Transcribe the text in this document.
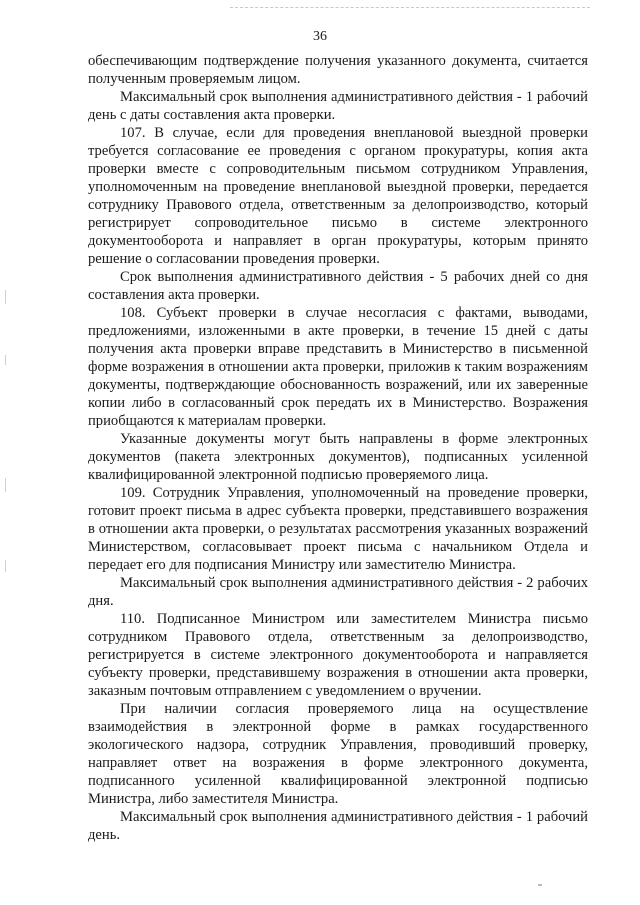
36

обеспечивающим подтверждение получения указанного документа, считается полученным проверяемым лицом.

Максимальный срок выполнения административного действия - 1 рабочий день с даты составления акта проверки.

107. В случае, если для проведения внеплановой выездной проверки требуется согласование ее проведения с органом прокуратуры, копия акта проверки вместе с сопроводительным письмом сотрудником Управления, уполномоченным на проведение внеплановой выездной проверки, передается сотруднику Правового отдела, ответственным за делопроизводство, который регистрирует сопроводительное письмо в системе электронного документооборота и направляет в орган прокуратуры, которым принято решение о согласовании проведения проверки.

Срок выполнения административного действия - 5 рабочих дней со дня составления акта проверки.

108. Субъект проверки в случае несогласия с фактами, выводами, предложениями, изложенными в акте проверки, в течение 15 дней с даты получения акта проверки вправе представить в Министерство в письменной форме возражения в отношении акта проверки, приложив к таким возражениям документы, подтверждающие обоснованность возражений, или их заверенные копии либо в согласованный срок передать их в Министерство. Возражения приобщаются к материалам проверки.

Указанные документы могут быть направлены в форме электронных документов (пакета электронных документов), подписанных усиленной квалифицированной электронной подписью проверяемого лица.

109. Сотрудник Управления, уполномоченный на проведение проверки, готовит проект письма в адрес субъекта проверки, представившего возражения в отношении акта проверки, о результатах рассмотрения указанных возражений Министерством, согласовывает проект письма с начальником Отдела и передает его для подписания Министру или заместителю Министра.

Максимальный срок выполнения административного действия - 2 рабочих дня.

110. Подписанное Министром или заместителем Министра письмо сотрудником Правового отдела, ответственным за делопроизводство, регистрируется в системе электронного документооборота и направляется субъекту проверки, представившему возражения в отношении акта проверки, заказным почтовым отправлением с уведомлением о вручении.

При наличии согласия проверяемого лица на осуществление взаимодействия в электронной форме в рамках государственного экологического надзора, сотрудник Управления, проводивший проверку, направляет ответ на возражения в форме электронного документа, подписанного усиленной квалифицированной электронной подписью Министра, либо заместителя Министра.

Максимальный срок выполнения административного действия - 1 рабочий день.
